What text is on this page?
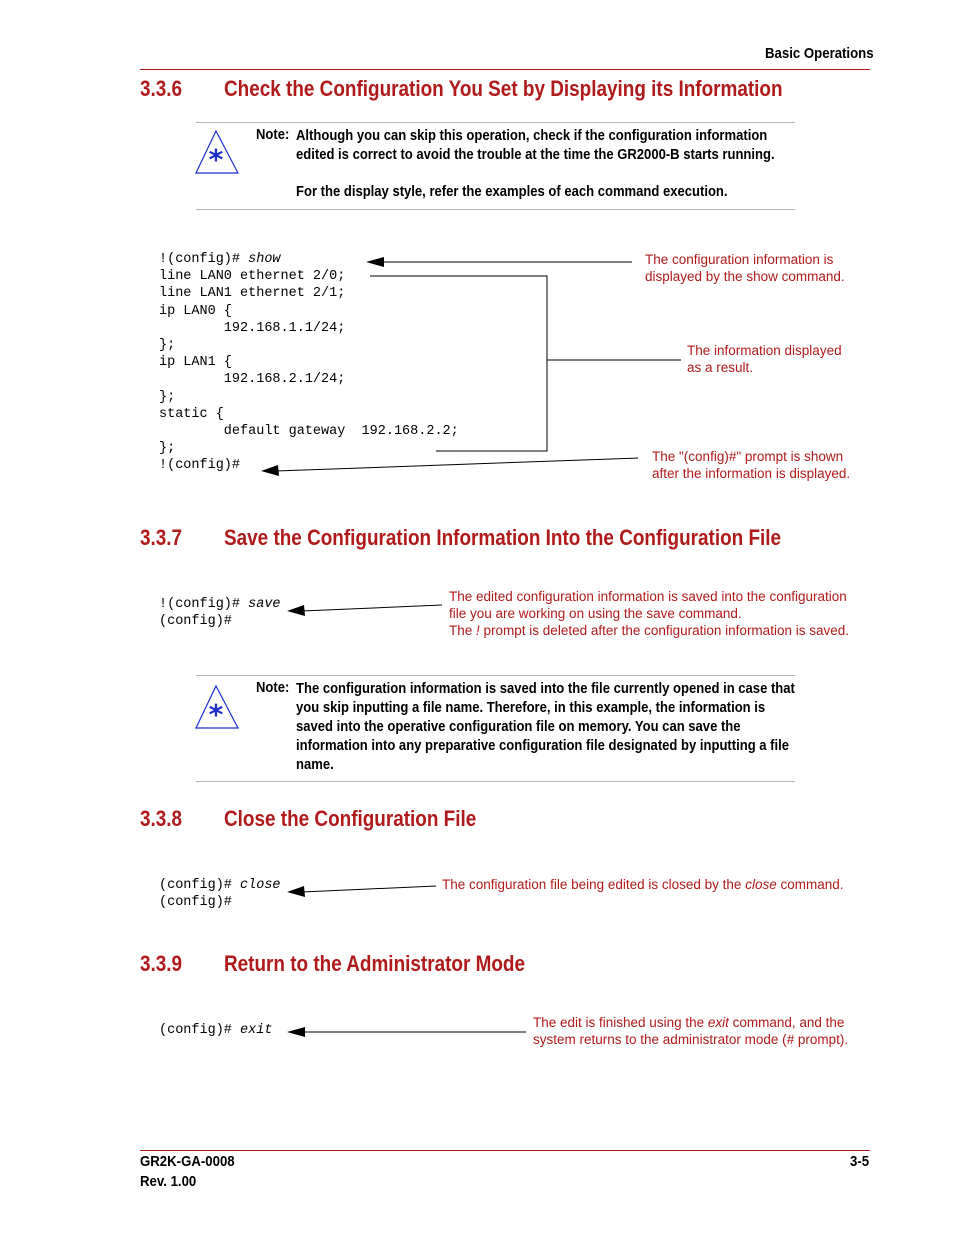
Basic Operations
3.3.6 Check the Configuration You Set by Displaying its Information
*
Note: Although you can skip this operation, check if the configuration information
edited is correct to avoid the trouble at the time the GR2000-B starts running.
For the display style, refer the examples of each command execution.
!(config)# show
line LAN0 ethernet 2/0;
line LAN1 ethernet 2/1;
ip LAN0 {
192.168.1.1/24;
};
ip LAN1 {
192.168.2.1/24;
};
static {
default gateway  192.168.2.2;
};
!(config)#
The configuration information is
displayed by the show command.
The information displayed
as a result.
The "(config)#" prompt is shown
after the information is displayed.
3.3.7 Save the Configuration Information Into the Configuration File
!(config)# save
(config)#
The edited configuration information is saved into the configuration
file you are working on using the save command.
The ! prompt is deleted after the configuration information is saved.
*
Note: The configuration information is saved into the file currently opened in case that
you skip inputting a file name. Therefore, in this example, the information is
saved into the operative configuration file on memory. You can save the
information into any preparative configuration file designated by inputting a file
name.
3.3.8 Close the Configuration File
(config)# close
(config)#
The configuration file being edited is closed by the close command.
3.3.9 Return to the Administrator Mode
(config)# exit
The edit is finished using the exit command, and the
system returns to the administrator mode (# prompt).
GR2K-GA-0008
Rev. 1.00
3-5
